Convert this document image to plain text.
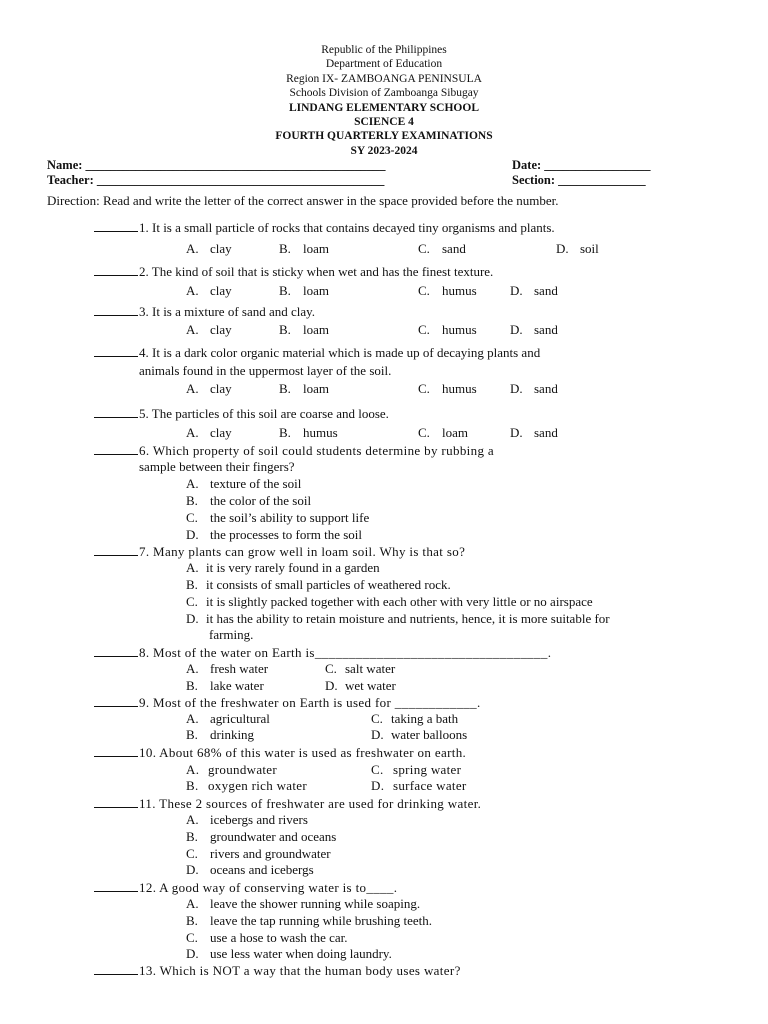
Republic of the Philippines
Department of Education
Region IX- ZAMBOANGA PENINSULA
Schools Division of Zamboanga Sibugay
LINDANG ELEMENTARY SCHOOL
SCIENCE 4
FOURTH QUARTERLY EXAMINATIONS
SY 2023-2024
Name: ________________________________________________	Date: _________________
Teacher: ______________________________________________	Section: ______________
Direction: Read and write the letter of the correct answer in the space provided before the number.
1. It is a small particle of rocks that contains decayed tiny organisms and plants.
A. clay	B. loam	C. sand	D. soil
2. The kind of soil that is sticky when wet and has the finest texture.
A. clay	B. loam	C. humus	D. sand
3. It is a mixture of sand and clay.
A. clay	B. loam	C. humus	D. sand
4. It is a dark color organic material which is made up of decaying plants and
animals found in the uppermost layer of the soil.
A. clay	B. loam	C. humus	D. sand
5. The particles of this soil are coarse and loose.
A. clay	B. humus	C. loam	D. sand
6. Which property of soil could students determine by rubbing a
sample between their fingers?
A. texture of the soil
B. the color of the soil
C. the soil’s ability to support life
D. the processes to form the soil
7. Many plants can grow well in loam soil. Why is that so?
A. it is very rarely found in a garden
B. it consists of small particles of weathered rock.
C. it is slightly packed together with each other with very little or no airspace
D. it has the ability to retain moisture and nutrients, hence, it is more suitable for
farming.
8. Most of the water on Earth is__________________________________.
A. fresh water	C. salt water
B. lake water	D. wet water
9. Most of the freshwater on Earth is used for ____________.
A. agricultural	C. taking a bath
B. drinking	D. water balloons
10. About 68% of this water is used as freshwater on earth.
A. groundwater	C. spring water
B. oxygen rich water	D. surface water
11. These 2 sources of freshwater are used for drinking water.
A. icebergs and rivers
B. groundwater and oceans
C. rivers and groundwater
D. oceans and icebergs
12. A good way of conserving water is to____.
A. leave the shower running while soaping.
B. leave the tap running while brushing teeth.
C. use a hose to wash the car.
D. use less water when doing laundry.
13. Which is NOT a way that the human body uses water?
